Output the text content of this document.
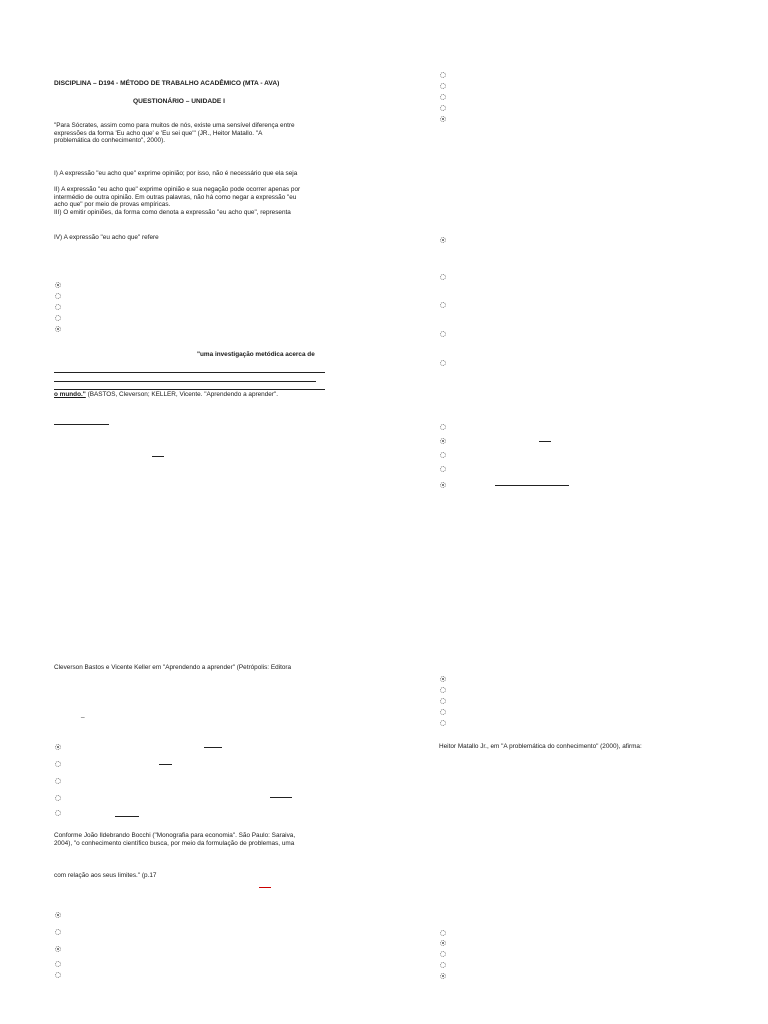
DISCIPLINA – D194 - MÉTODO DE TRABALHO ACADÊMICO (MTA - AVA)
QUESTIONÁRIO – UNIDADE I
"Para Sócrates, assim como para muitos de nós, existe uma sensível diferença entre
expressões da forma 'Eu acho que' e 'Eu sei que'" (JR., Heitor Matallo. "A
problemática do conhecimento", 2000).
I) A expressão "eu acho que" exprime opinião; por isso, não é necessário que ela seja
II) A expressão "eu acho que" exprime opinião e sua negação pode ocorrer apenas por
intermédio de outra opinião. Em outras palavras, não há como negar a expressão "eu
acho que" por meio de provas empíricas.
III) O emitir opiniões, da forma como denota a expressão "eu acho que", representa
IV) A expressão "eu acho que" refere
"uma investigação metódica acerca de
o mundo." (BASTOS, Cleverson; KELLER, Vicente. "Aprendendo a aprender".
Cleverson Bastos e Vicente Keller em "Aprendendo a aprender" (Petrópolis: Editora
_
Conforme João Ildebrando Bocchi ("Monografia para economia". São Paulo: Saraiva,
2004), "o conhecimento científico busca, por meio da formulação de problemas, uma
com relação aos seus limites." (p.17
Heitor Matallo Jr., em "A problemática do conhecimento" (2000), afirma:
